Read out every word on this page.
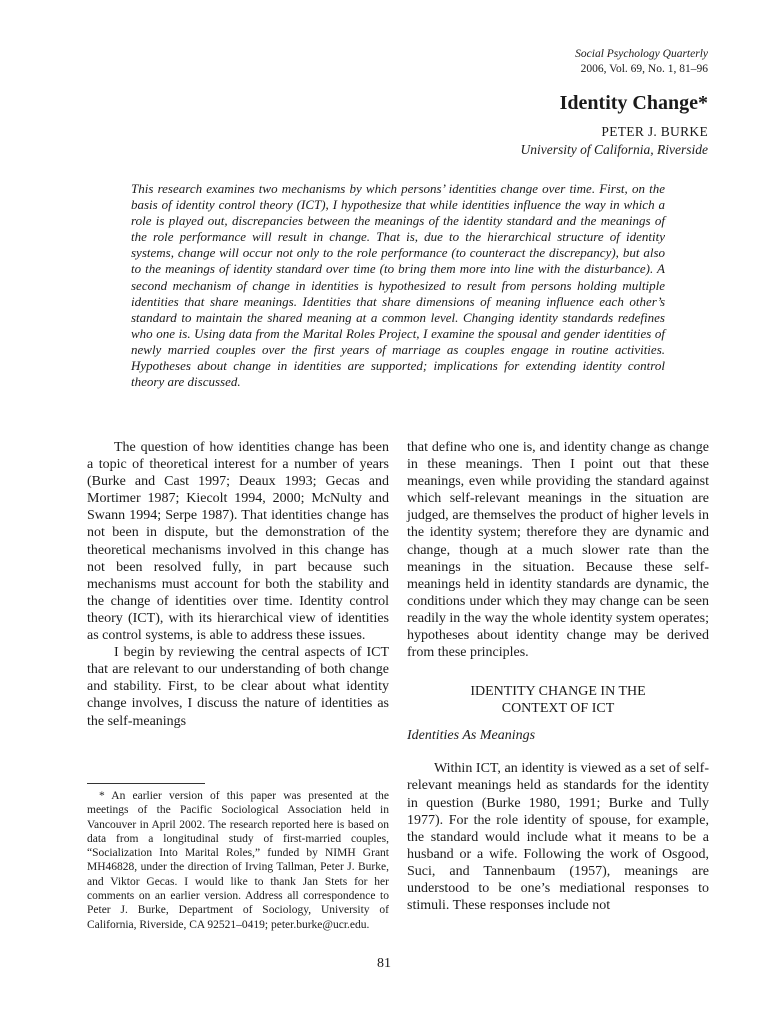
Social Psychology Quarterly
2006, Vol. 69, No. 1, 81–96
Identity Change*
PETER J. BURKE
University of California, Riverside
This research examines two mechanisms by which persons’ identities change over time. First, on the basis of identity control theory (ICT), I hypothesize that while identities influence the way in which a role is played out, discrepancies between the meanings of the identity standard and the meanings of the role performance will result in change. That is, due to the hierarchical structure of identity systems, change will occur not only to the role performance (to counteract the discrepancy), but also to the meanings of identity standard over time (to bring them more into line with the disturbance). A second mechanism of change in identities is hypothesized to result from persons holding multiple identities that share meanings. Identities that share dimensions of meaning influence each other’s standard to maintain the shared meaning at a common level. Changing identity standards redefines who one is. Using data from the Marital Roles Project, I examine the spousal and gender identities of newly married couples over the first years of marriage as couples engage in routine activities. Hypotheses about change in identities are supported; implications for extending identity control theory are discussed.

The question of how identities change has been a topic of theoretical interest for a number of years (Burke and Cast 1997; Deaux 1993; Gecas and Mortimer 1987; Kiecolt 1994, 2000; McNulty and Swann 1994; Serpe 1987). That identities change has not been in dispute, but the demonstration of the theoretical mechanisms involved in this change has not been resolved fully, in part because such mechanisms must account for both the stability and the change of identities over time. Identity control theory (ICT), with its hierarchical view of identities as control systems, is able to address these issues.

I begin by reviewing the central aspects of ICT that are relevant to our understanding of both change and stability. First, to be clear about what identity change involves, I discuss the nature of identities as the self-meanings

that define who one is, and identity change as change in these meanings. Then I point out that these meanings, even while providing the standard against which self-relevant meanings in the situation are judged, are themselves the product of higher levels in the identity system; therefore they are dynamic and change, though at a much slower rate than the meanings in the situation. Because these self-meanings held in identity standards are dynamic, the conditions under which they may change can be seen readily in the way the whole identity system operates; hypotheses about identity change may be derived from these principles.

IDENTITY CHANGE IN THE
CONTEXT OF ICT
Identities As Meanings

Within ICT, an identity is viewed as a set of self-relevant meanings held as standards for the identity in question (Burke 1980, 1991; Burke and Tully 1977). For the role identity of spouse, for example, the standard would include what it means to be a husband or a wife. Following the work of Osgood, Suci, and Tannenbaum (1957), meanings are understood to be one’s mediational responses to stimuli. These responses include not

* An earlier version of this paper was presented at the meetings of the Pacific Sociological Association held in Vancouver in April 2002. The research reported here is based on data from a longitudinal study of first-married couples, “Socialization Into Marital Roles,” funded by NIMH Grant MH46828, under the direction of Irving Tallman, Peter J. Burke, and Viktor Gecas. I would like to thank Jan Stets for her comments on an earlier version. Address all correspondence to Peter J. Burke, Department of Sociology, University of California, Riverside, CA 92521–0419; peter.burke@ucr.edu.

81
